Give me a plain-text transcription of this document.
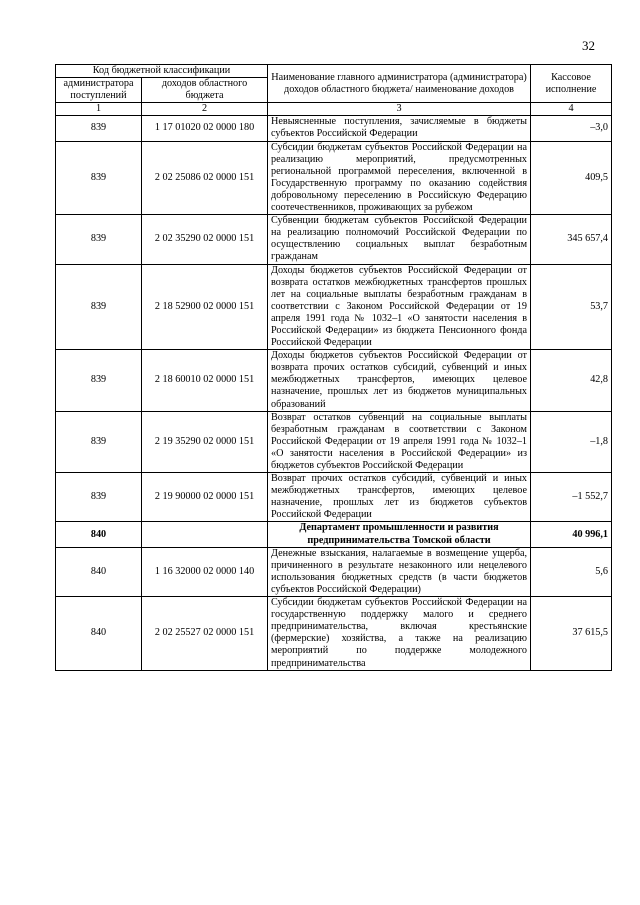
32
Код бюджетной классификации		Наименование главного администратора (администратора) доходов областного бюджета/ наименование доходов	Кассовое исполнение
администратора поступлений	доходов областного бюджета		
1	2	3	4
839	1 17 01020 02 0000 180	Невыясненные поступления, зачисляемые в бюджеты субъектов Российской Федерации	–3,0
839	2 02 25086 02 0000 151	Субсидии бюджетам субъектов Российской Федерации на реализацию мероприятий, предусмотренных региональной программой переселения, включенной в Государственную программу по оказанию содействия добровольному переселению в Российскую Федерацию соотечественников, проживающих за рубежом	409,5
839	2 02 35290 02 0000 151	Субвенции бюджетам субъектов Российской Федерации на реализацию полномочий Российской Федерации по осуществлению социальных выплат безработным гражданам	345 657,4
839	2 18 52900 02 0000 151	Доходы бюджетов субъектов Российской Федерации от возврата остатков межбюджетных трансфертов прошлых лет на социальные выплаты безработным гражданам в соответствии с Законом Российской Федерации от 19 апреля 1991 года № 1032–1 «О занятости населения в Российской Федерации» из бюджета Пенсионного фонда Российской Федерации	53,7
839	2 18 60010 02 0000 151	Доходы бюджетов субъектов Российской Федерации от возврата прочих остатков субсидий, субвенций и иных межбюджетных трансфертов, имеющих целевое назначение, прошлых лет из бюджетов муниципальных образований	42,8
839	2 19 35290 02 0000 151	Возврат остатков субвенций на социальные выплаты безработным гражданам в соответствии с Законом Российской Федерации от 19 апреля 1991 года № 1032–1 «О занятости населения в Российской Федерации» из бюджетов субъектов Российской Федерации	–1,8
839	2 19 90000 02 0000 151	Возврат прочих остатков субсидий, субвенций и иных межбюджетных трансфертов, имеющих целевое назначение, прошлых лет из бюджетов субъектов Российской Федерации	–1 552,7
840		Департамент промышленности и развития предпринимательства Томской области	40 996,1
840	1 16 32000 02 0000 140	Денежные взыскания, налагаемые в возмещение ущерба, причиненного в результате незаконного или нецелевого использования бюджетных средств (в части бюджетов субъектов Российской Федерации)	5,6
840	2 02 25527 02 0000 151	Субсидии бюджетам субъектов Российской Федерации на государственную поддержку малого и среднего предпринимательства, включая крестьянские (фермерские) хозяйства, а также на реализацию мероприятий по поддержке молодежного предпринимательства	37 615,5
